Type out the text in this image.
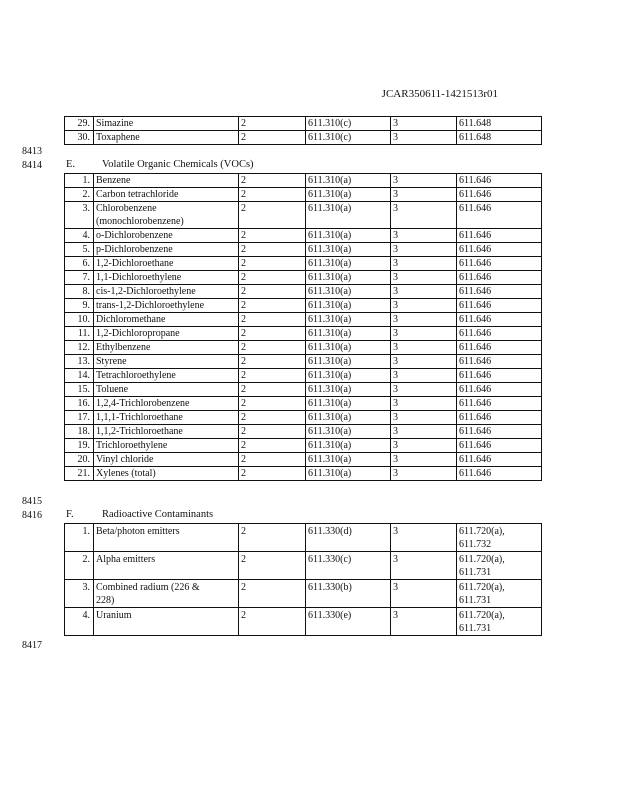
JCAR350611-1421513r01
29.	Simazine	2	611.310(c)	3	611.648
30.	Toxaphene	2	611.310(c)	3	611.648
8413
8414 E.	Volatile Organic Chemicals (VOCs)
1.	Benzene	2	611.310(a)	3	611.646
2.	Carbon tetrachloride	2	611.310(a)	3	611.646
3.	Chlorobenzene
(monochlorobenzene)	2	611.310(a)	3	611.646
4.	o-Dichlorobenzene	2	611.310(a)	3	611.646
5.	p-Dichlorobenzene	2	611.310(a)	3	611.646
6.	1,2-Dichloroethane	2	611.310(a)	3	611.646
7.	1,1-Dichloroethylene	2	611.310(a)	3	611.646
8.	cis-1,2-Dichloroethylene	2	611.310(a)	3	611.646
9.	trans-1,2-Dichloroethylene	2	611.310(a)	3	611.646
10.	Dichloromethane	2	611.310(a)	3	611.646
11.	1,2-Dichloropropane	2	611.310(a)	3	611.646
12.	Ethylbenzene	2	611.310(a)	3	611.646
13.	Styrene	2	611.310(a)	3	611.646
14.	Tetrachloroethylene	2	611.310(a)	3	611.646
15.	Toluene	2	611.310(a)	3	611.646
16.	1,2,4-Trichlorobenzene	2	611.310(a)	3	611.646
17.	1,1,1-Trichloroethane	2	611.310(a)	3	611.646
18.	1,1,2-Trichloroethane	2	611.310(a)	3	611.646
19.	Trichloroethylene	2	611.310(a)	3	611.646
20.	Vinyl chloride	2	611.310(a)	3	611.646
21.	Xylenes (total)	2	611.310(a)	3	611.646
8415
8416 F.	Radioactive Contaminants
1.	Beta/photon emitters	2	611.330(d)	3	611.720(a),
611.732

2.	Alpha emitters	2	611.330(c)	3	611.720(a),
611.731

3.	Combined radium (226 &
228)	2	611.330(b)	3	611.720(a),
611.731

4.	Uranium	2	611.330(e)	3	611.720(a),
611.731
8417
